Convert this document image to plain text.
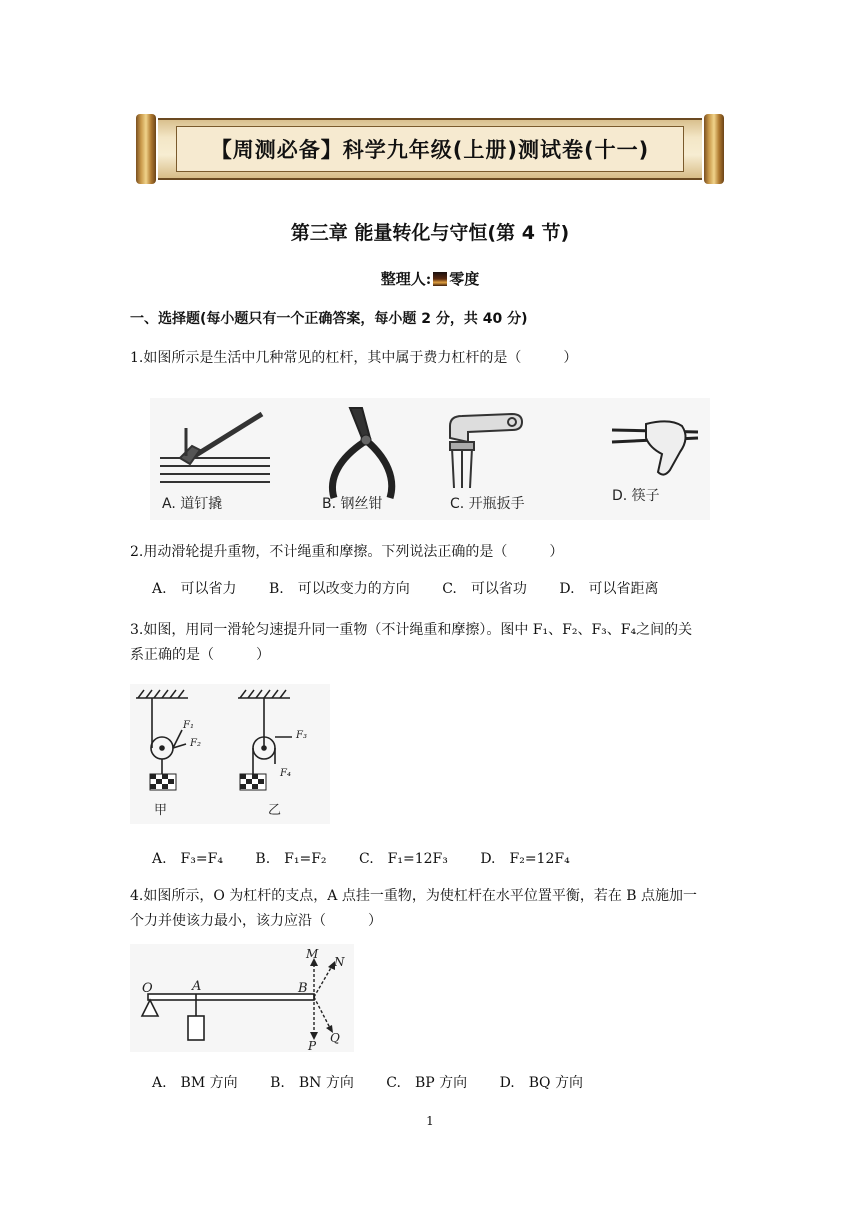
【周测必备】科学九年级(上册)测试卷(十一)
第三章 能量转化与守恒(第 4 节)
整理人: 零度
一、选择题(每小题只有一个正确答案，每小题 2 分，共 40 分)
1.如图所示是生活中几种常见的杠杆，其中属于费力杠杆的是（　　　）
A. 道钉撬	B. 钢丝钳	C. 开瓶扳手	D. 筷子
2.用动滑轮提升重物，不计绳重和摩擦。下列说法正确的是（　　　）
A.　可以省力 B.　可以改变力的方向 C.　可以省功 D.　可以省距离
3.如图，用同一滑轮匀速提升同一重物（不计绳重和摩擦）。图中 F₁、F₂、F₃、F₄之间的关
系正确的是（　　　）
F₁
F₂
甲
F₃
F₄
乙
A.　F₃=F₄ B.　F₁=F₂ C.　F₁=12F₃ D.　F₂=12F₄
4.如图所示，O 为杠杆的支点，A 点挂一重物，为使杠杆在水平位置平衡，若在 B 点施加一
个力并使该力最小，该力应沿（　　　）
O	A	B
M
N
P
Q
A.　BM 方向 B.　BN 方向 C.　BP 方向 D.　BQ 方向
1
